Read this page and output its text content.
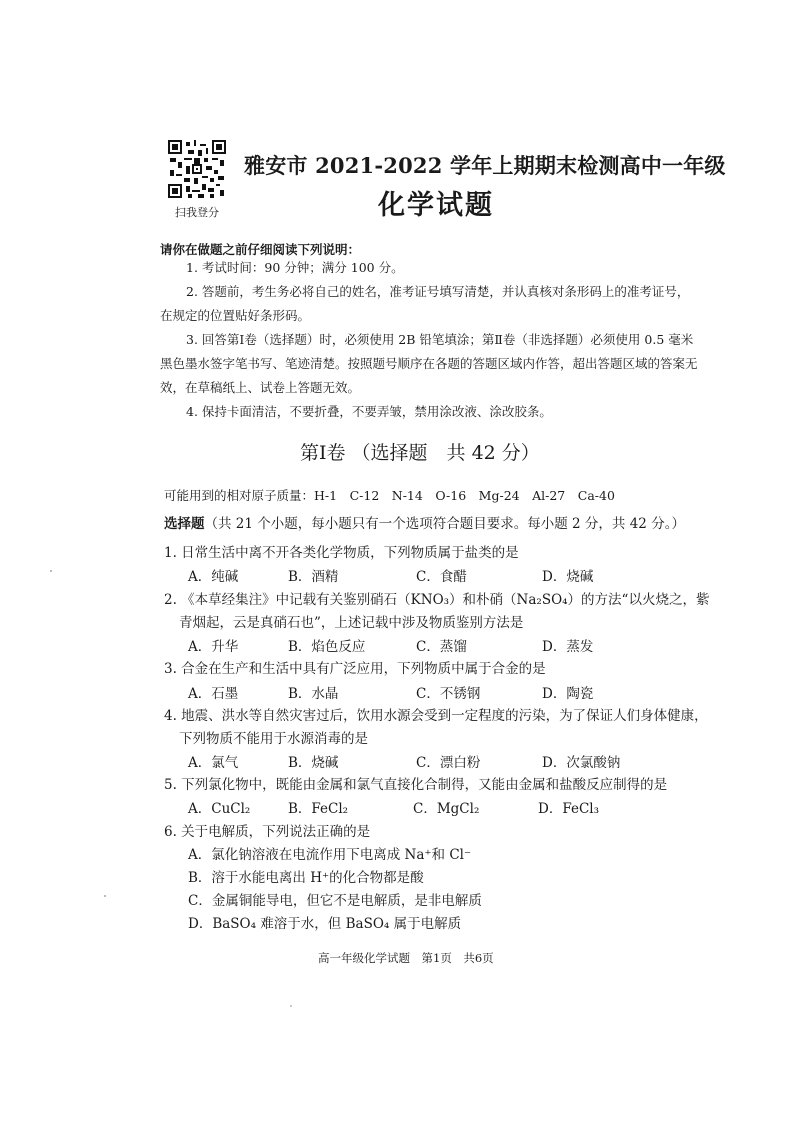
扫我登分
雅安市 2021-2022 学年上期期末检测高中一年级
化学试题
请你在做题之前仔细阅读下列说明：
1. 考试时间：90 分钟；满分 100 分。
2. 答题前，考生务必将自己的姓名，准考证号填写清楚，并认真核对条形码上的准考证号，在规定的位置贴好条形码。
3. 回答第Ⅰ卷（选择题）时，必须使用 2B 铅笔填涂；第Ⅱ卷（非选择题）必须使用 0.5 毫米黑色墨水签字笔书写、笔迹清楚。按照题号顺序在各题的答题区域内作答，超出答题区域的答案无效，在草稿纸上、试卷上答题无效。
4. 保持卡面清洁，不要折叠，不要弄皱，禁用涂改液、涂改胶条。
第Ⅰ卷 （选择题　共 42 分）
可能用到的相对原子质量：H-1　C-12　N-14　O-16　Mg-24　Al-27　Ca-40
选择题（共 21 个小题，每小题只有一个选项符合题目要求。每小题 2 分，共 42 分。）
1. 日常生活中离不开各类化学物质，下列物质属于盐类的是
A．纯碱	B．酒精	C．食醋	D．烧碱
2. 《本草经集注》中记载有关鉴别硝石（KNO₃）和朴硝（Na₂SO₄）的方法“以火烧之，紫
青烟起，云是真硝石也”，上述记载中涉及物质鉴别方法是
A．升华	B．焰色反应	C．蒸馏	D．蒸发
3. 合金在生产和生活中具有广泛应用，下列物质中属于合金的是
A．石墨	B．水晶	C．不锈钢	D．陶瓷
4. 地震、洪水等自然灾害过后，饮用水源会受到一定程度的污染，为了保证人们身体健康，
下列物质不能用于水源消毒的是
A．氯气	B．烧碱	C．漂白粉	D．次氯酸钠
5. 下列氯化物中，既能由金属和氯气直接化合制得，又能由金属和盐酸反应制得的是
A．CuCl₂	B．FeCl₂	C．MgCl₂	D．FeCl₃
6. 关于电解质，下列说法正确的是
A．氯化钠溶液在电流作用下电离成 Na⁺和 Cl⁻
B．溶于水能电离出 H⁺的化合物都是酸
C．金属铜能导电，但它不是电解质，是非电解质
D．BaSO₄ 难溶于水，但 BaSO₄ 属于电解质
高一年级化学试题　第1页　共6页
